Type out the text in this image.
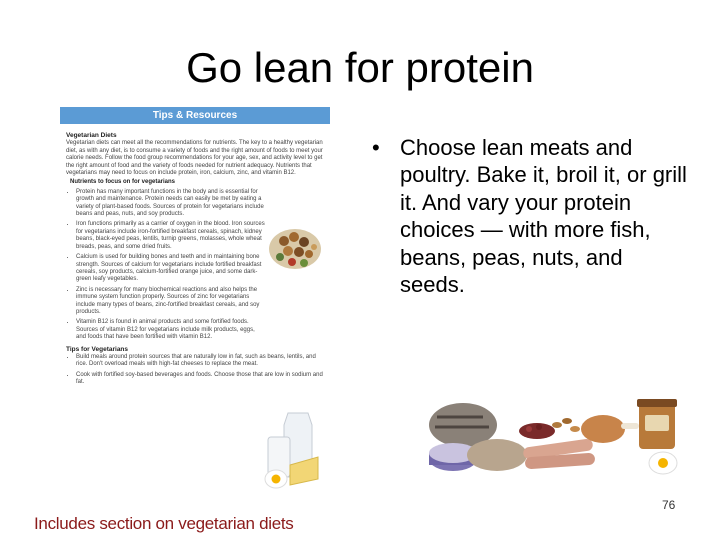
Go lean for protein
Tips & Resources
Vegetarian Diets

Vegetarian diets can meet all the recommendations for nutrients. The key to a healthy vegetarian diet, as with any diet, is to consume a variety of foods and the right amount of foods to meet your calorie needs. Follow the food group recommendations for your age, sex, and activity level to get the right amount of food and the variety of foods needed for nutrient adequacy. Nutrients that vegetarians may need to focus on include protein, iron, calcium, zinc, and vitamin B12.

Nutrients to focus on for vegetarians
• Protein has many important functions in the body and is essential for growth and maintenance. Protein needs can easily be met by eating a variety of plant-based foods. Sources of protein for vegetarians include beans and peas, nuts, and soy products.
• Iron functions primarily as a carrier of oxygen in the blood. Iron sources for vegetarians include iron-fortified breakfast cereals, spinach, kidney beans, black-eyed peas, lentils, turnip greens, molasses, whole wheat breads, peas, and some dried fruits.
• Calcium is used for building bones and teeth and in maintaining bone strength. Sources of calcium for vegetarians include fortified breakfast cereals, soy products, calcium-fortified orange juice, and some dark-green leafy vegetables.
• Zinc is necessary for many biochemical reactions and also helps the immune system function properly. Sources of zinc for vegetarians include many types of beans, zinc-fortified breakfast cereals, and soy products.
• Vitamin B12 is found in animal products and some fortified foods. Sources of vitamin B12 for vegetarians include milk products, eggs, and foods that have been fortified with vitamin B12.
Tips for Vegetarians
• Build meals around protein sources that are naturally low in fat, such as beans, lentils, and rice. Don't overload meals with high-fat cheeses to replace the meat.
• Cook with fortified soy-based beverages and foods. Choose those that are low in sodium and fat.
• Choose lean meats and poultry. Bake it, broil it, or grill it. And vary your protein choices — with more fish, beans, peas, nuts, and seeds.
76
Includes section on vegetarian diets
